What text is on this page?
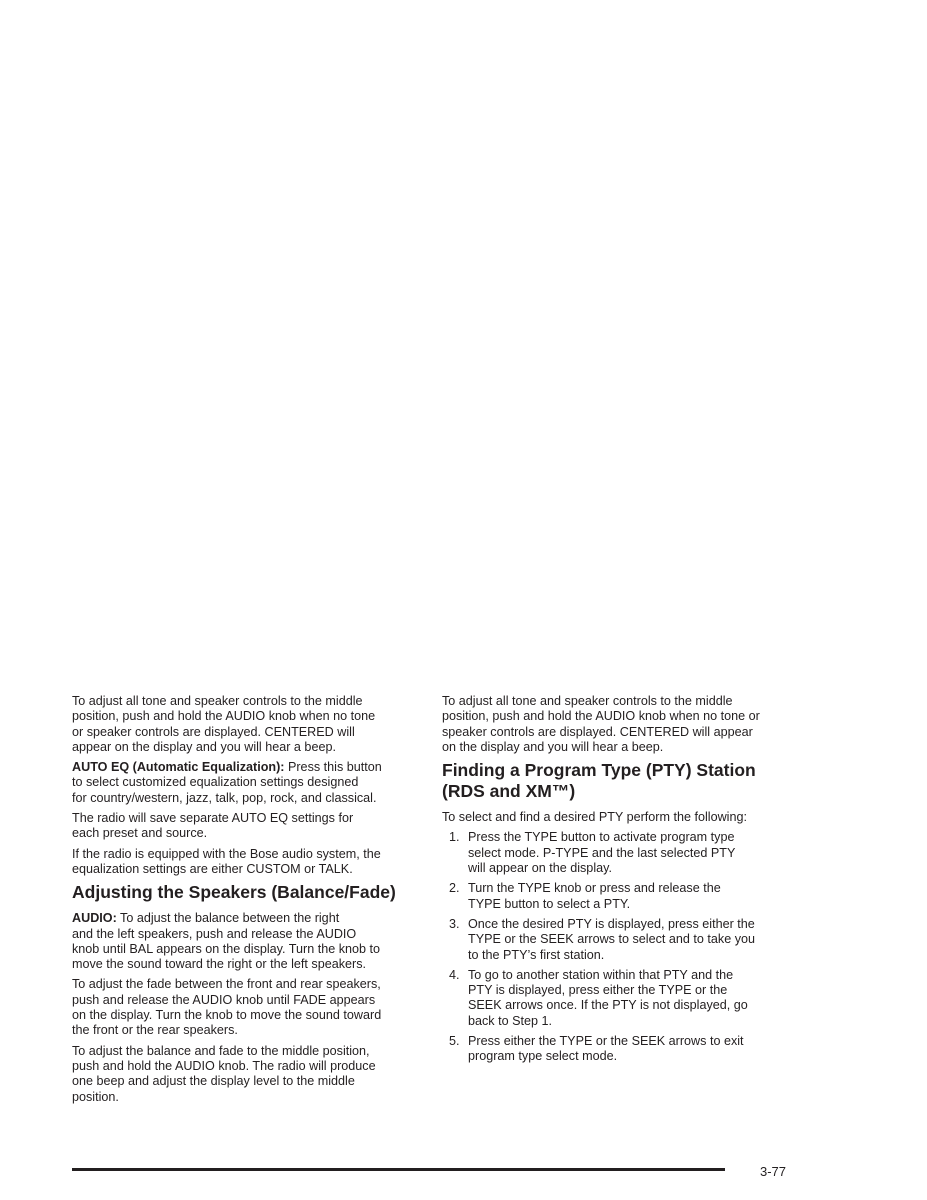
To adjust all tone and speaker controls to the middle
position, push and hold the AUDIO knob when no tone
or speaker controls are displayed. CENTERED will
appear on the display and you will hear a beep.

AUTO EQ (Automatic Equalization): Press this button
to select customized equalization settings designed
for country/western, jazz, talk, pop, rock, and classical.

The radio will save separate AUTO EQ settings for
each preset and source.

If the radio is equipped with the Bose audio system, the
equalization settings are either CUSTOM or TALK.

Adjusting the Speakers (Balance/Fade)

AUDIO: To adjust the balance between the right
and the left speakers, push and release the AUDIO
knob until BAL appears on the display. Turn the knob to
move the sound toward the right or the left speakers.

To adjust the fade between the front and rear speakers,
push and release the AUDIO knob until FADE appears
on the display. Turn the knob to move the sound toward
the front or the rear speakers.

To adjust the balance and fade to the middle position,
push and hold the AUDIO knob. The radio will produce
one beep and adjust the display level to the middle
position.

To adjust all tone and speaker controls to the middle
position, push and hold the AUDIO knob when no tone or
speaker controls are displayed. CENTERED will appear
on the display and you will hear a beep.

Finding a Program Type (PTY) Station
(RDS and XM™)

To select and find a desired PTY perform the following:

1. Press the TYPE button to activate program type
select mode. P-TYPE and the last selected PTY
will appear on the display.
2. Turn the TYPE knob or press and release the
TYPE button to select a PTY.
3. Once the desired PTY is displayed, press either the
TYPE or the SEEK arrows to select and to take you
to the PTY’s first station.
4. To go to another station within that PTY and the
PTY is displayed, press either the TYPE or the
SEEK arrows once. If the PTY is not displayed, go
back to Step 1.
5. Press either the TYPE or the SEEK arrows to exit
program type select mode.
3-77
